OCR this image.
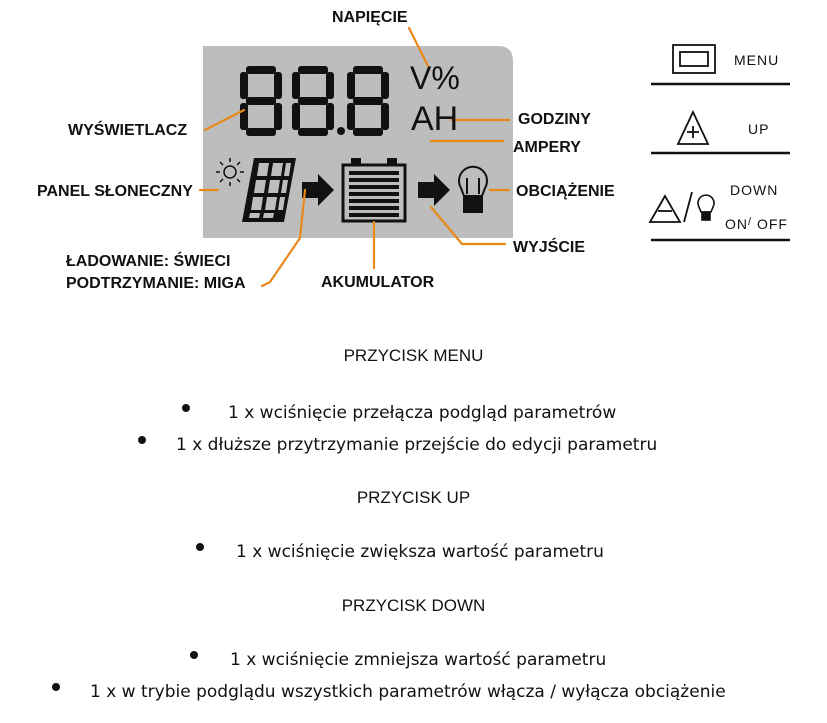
V%
AH
NAPIĘCIE
WYŚWIETLACZ
GODZINY
AMPERY
PANEL SŁONECZNY	OBCIĄŻENIE
WYJŚCIE
ŁADOWANIE: ŚWIECI
PODTRZYMANIE: MIGA	AKUMULATOR
MENU
UP
DOWN
ON/ OFF
PRZYCISK MENU
1 x wciśnięcie przełącza podgląd parametrów
1 x dłuższe przytrzymanie przejście do edycji parametru
PRZYCISK UP
1 x wciśnięcie zwiększa wartość parametru
PRZYCISK DOWN
1 x wciśnięcie zmniejsza wartość parametru
1 x w trybie podglądu wszystkich parametrów włącza / wyłącza obciążenie
